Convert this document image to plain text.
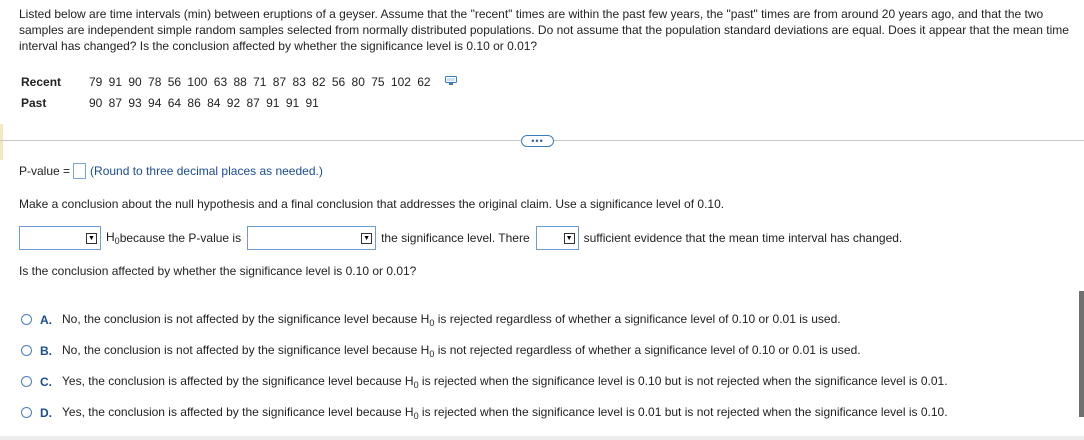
Listed below are time intervals (min) between eruptions of a geyser. Assume that the "recent" times are within the past few years, the "past" times are from around 20 years ago, and that the two samples are independent simple random samples selected from normally distributed populations. Do not assume that the population standard deviations are equal. Does it appear that the mean time interval has changed? Is the conclusion affected by whether the significance level is 0.10 or 0.01?

Recent	79 91 90 78 56 100 63 88 71 87 83 82 56 80 75 102 62
Past	90 87 93 94 64 86 84 92 87 91 91 91
•••
P-value = (Round to three decimal places as needed.)
Make a conclusion about the null hypothesis and a final conclusion that addresses the original claim. Use a significance level of 0.10.
▼ $H_0$ because the P-value is	▼ the significance level. There	▼ sufficient evidence that the mean time interval has changed.
Is the conclusion affected by whether the significance level is 0.10 or 0.01?
A. No, the conclusion is not affected by the significance level because $H_0$ is rejected regardless of whether a significance level of 0.10 or 0.01 is used.
B. No, the conclusion is not affected by the significance level because $H_0$ is not rejected regardless of whether a significance level of 0.10 or 0.01 is used.
C. Yes, the conclusion is affected by the significance level because $H_0$ is rejected when the significance level is 0.10 but is not rejected when the significance level is 0.01.
D. Yes, the conclusion is affected by the significance level because $H_0$ is rejected when the significance level is 0.01 but is not rejected when the significance level is 0.10.
